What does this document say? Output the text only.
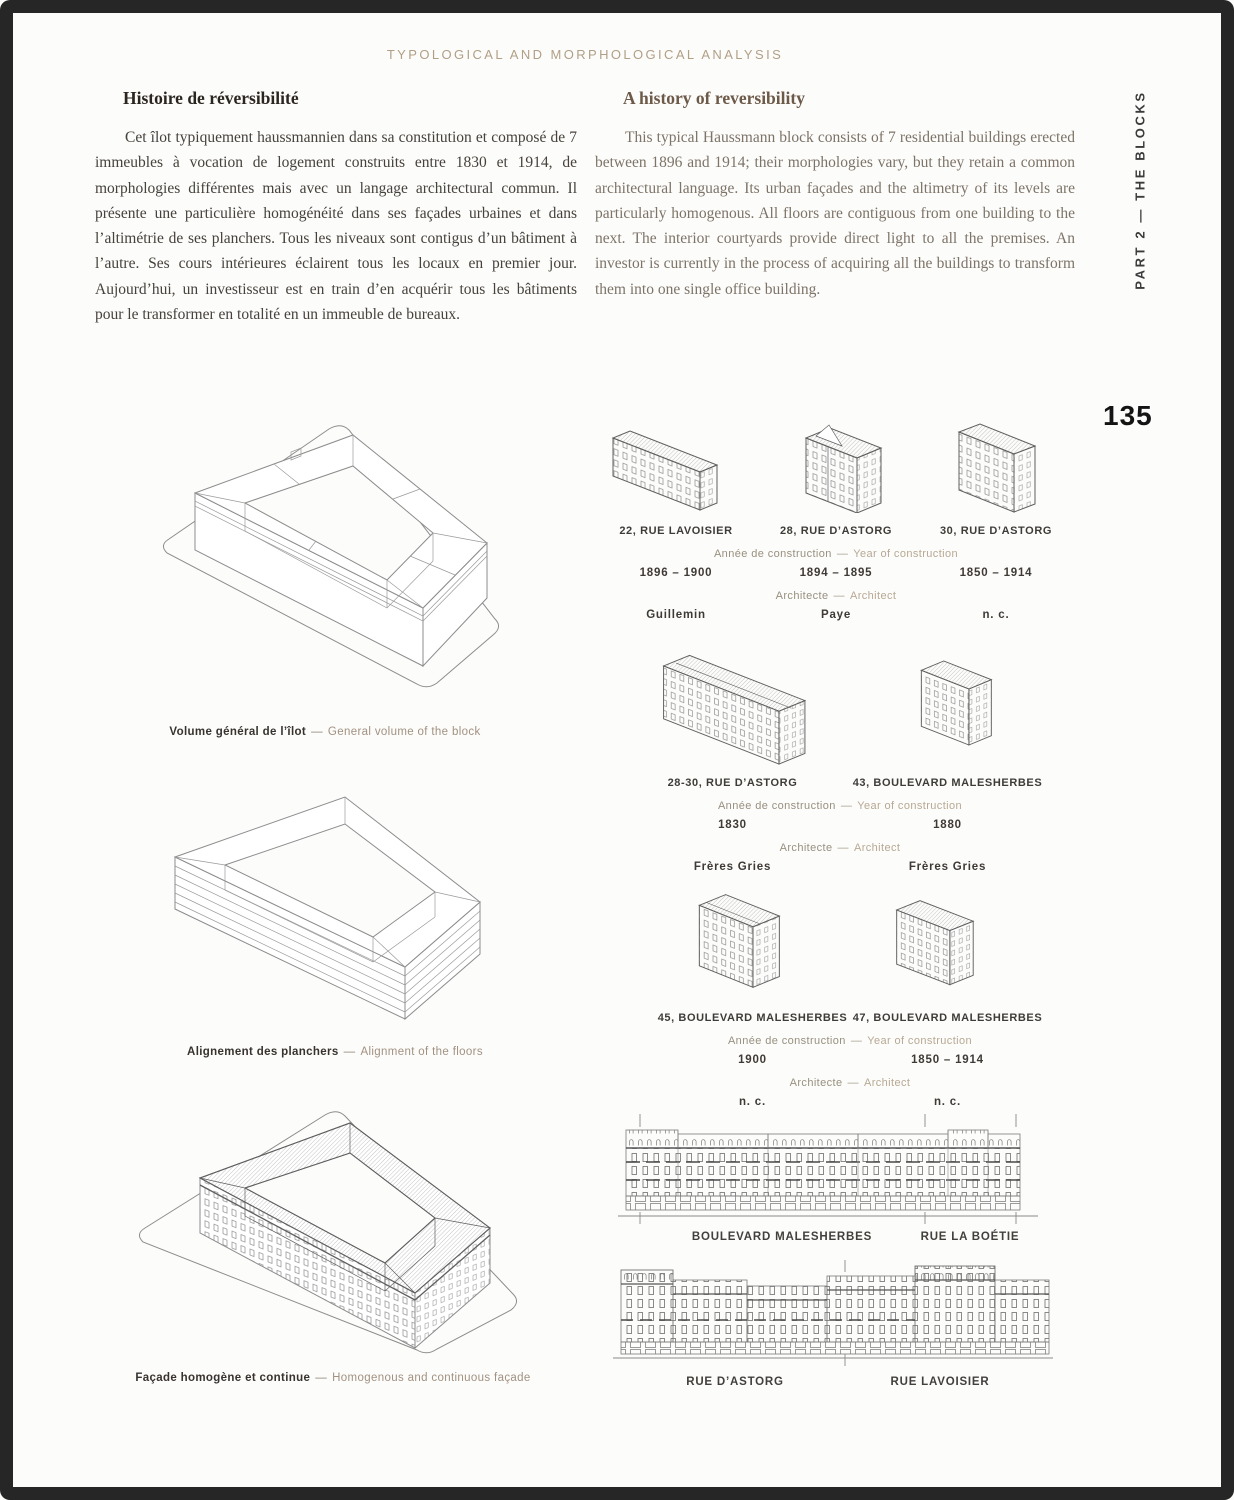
TYPOLOGICAL AND MORPHOLOGICAL ANALYSIS
PART 2 — THE BLOCKS
135
Histoire de réversibilité

Cet îlot typiquement haussmannien dans sa constitution et composé de 7 immeubles à vocation de logement construits entre 1830 et 1914, de morphologies différentes mais avec un langage architectural commun. Il présente une particulière homogénéité dans ses façades urbaines et dans l’altimétrie de ses planchers. Tous les niveaux sont contigus d’un bâtiment à l’autre. Ses cours intérieures éclairent tous les locaux en premier jour. Aujourd’hui, un investisseur est en train d’en acquérir tous les bâtiments pour le transformer en totalité en un immeuble de bureaux.

A history of reversibility

This typical Haussmann block consists of 7 residential buildings erected between 1896 and 1914; their morphologies vary, but they retain a common architectural language. Its urban façades and the altimetry of its levels are particularly homogenous. All floors are contiguous from one building to the next. The interior courtyards provide direct light to all the premises. An investor is currently in the process of acquiring all the buildings to transform them into one single office building.

Volume général de l’îlot — General volume of the block
Alignement des planchers — Alignment of the floors
Façade homogène et continue — Homogenous and continuous façade
22, RUE LAVOISIER	28, RUE D’ASTORG	30, RUE D’ASTORG
Année de construction — Year of construction
1896 – 1900	1894 – 1895	1850 – 1914
Architecte — Architect
Guillemin	Paye	n. c.
28-30, RUE D’ASTORG	43, BOULEVARD MALESHERBES
Année de construction — Year of construction
1830	1880
Architecte — Architect
Frères Gries	Frères Gries
45, BOULEVARD MALESHERBES 47, BOULEVARD MALESHERBES
Année de construction — Year of construction
1900	1850 – 1914
Architecte — Architect
n. c.	n. c.
BOULEVARD MALESHERBES	RUE LA BOÉTIE
RUE D’ASTORG	RUE LAVOISIER
